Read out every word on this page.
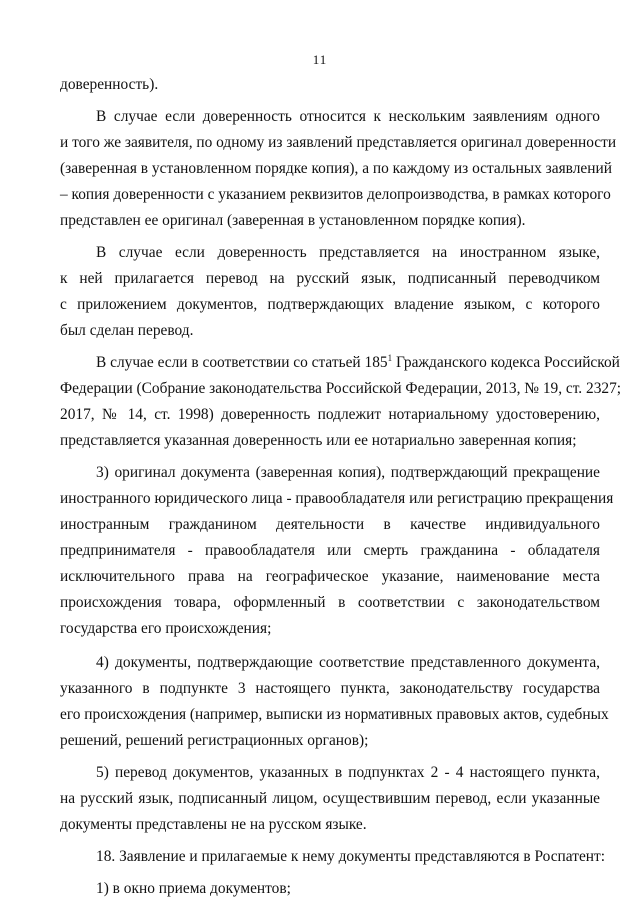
11

доверенность).

В случае если доверенность относится к нескольким заявлениям одного
и того же заявителя, по одному из заявлений представляется оригинал доверенности
(заверенная в установленном порядке копия), а по каждому из остальных заявлений
– копия доверенности с указанием реквизитов делопроизводства, в рамках которого
представлен ее оригинал (заверенная в установленном порядке копия).

В случае если доверенность представляется на иностранном языке,
к ней прилагается перевод на русский язык, подписанный переводчиком
с приложением документов, подтверждающих владение языком, с которого
был сделан перевод.

В случае если в соответствии со статьей $185^1$ Гражданского кодекса Российской
Федерации (Собрание законодательства Российской Федерации, 2013, № 19, ст. 2327;
2017, № 14, ст. 1998) доверенность подлежит нотариальному удостоверению,
представляется указанная доверенность или ее нотариально заверенная копия;

3) оригинал документа (заверенная копия), подтверждающий прекращение
иностранного юридического лица - правообладателя или регистрацию прекращения
иностранным гражданином деятельности в качестве индивидуального
предпринимателя - правообладателя или смерть гражданина - обладателя
исключительного права на географическое указание, наименование места
происхождения товара, оформленный в соответствии с законодательством
государства его происхождения;

4) документы, подтверждающие соответствие представленного документа,
указанного в подпункте 3 настоящего пункта, законодательству государства
его происхождения (например, выписки из нормативных правовых актов, судебных
решений, решений регистрационных органов);

5) перевод документов, указанных в подпунктах 2 - 4 настоящего пункта,
на русский язык, подписанный лицом, осуществившим перевод, если указанные
документы представлены не на русском языке.

18. Заявление и прилагаемые к нему документы представляются в Роспатент:

1) в окно приема документов;
